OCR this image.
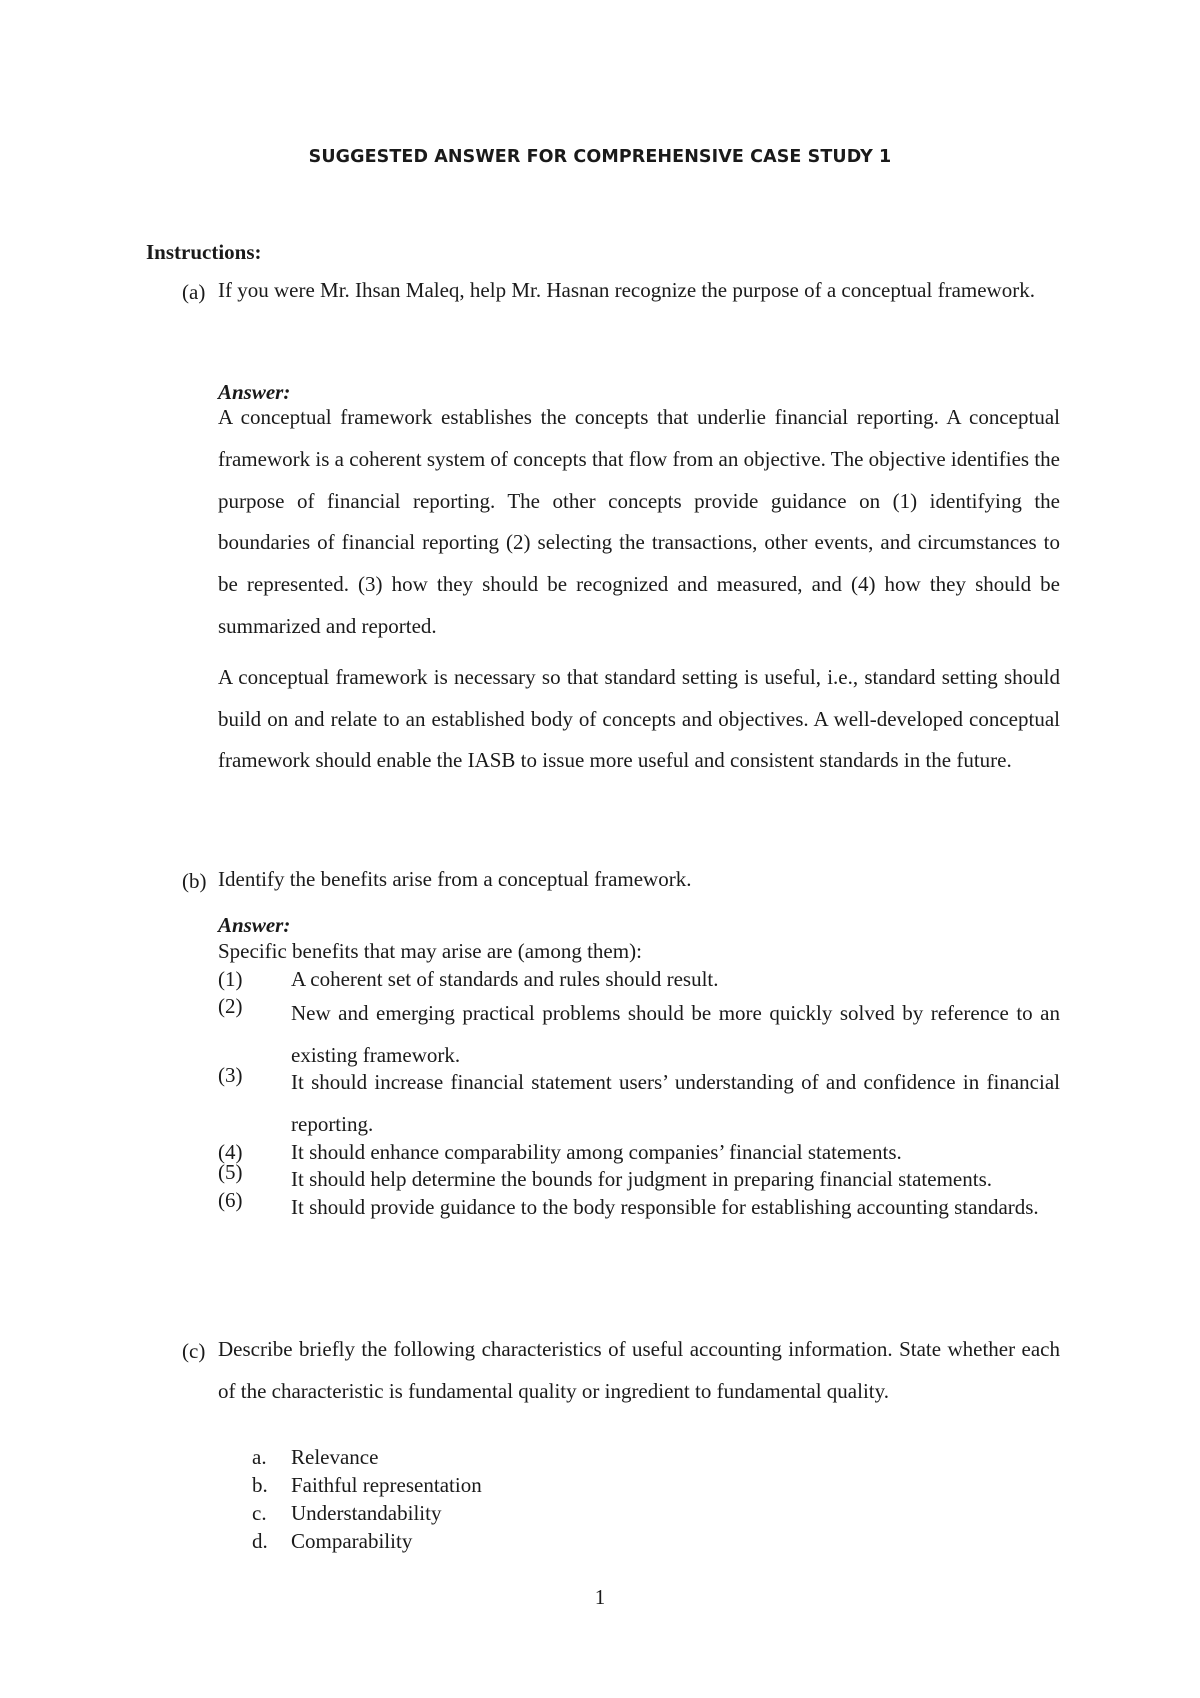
SUGGESTED ANSWER FOR COMPREHENSIVE CASE STUDY 1
Instructions:
(a) If you were Mr. Ihsan Maleq, help Mr. Hasnan recognize the purpose of a conceptual framework.
Answer:
A conceptual framework establishes the concepts that underlie financial reporting. A conceptual framework is a coherent system of concepts that flow from an objective. The objective identifies the purpose of financial reporting. The other concepts provide guidance on (1) identifying the boundaries of financial reporting (2) selecting the transactions, other events, and circumstances to be represented. (3) how they should be recognized and measured, and (4) how they should be summarized and reported.
A conceptual framework is necessary so that standard setting is useful, i.e., standard setting should build on and relate to an established body of concepts and objectives. A well-developed conceptual framework should enable the IASB to issue more useful and consistent standards in the future.
(b) Identify the benefits arise from a conceptual framework.
Answer:
Specific benefits that may arise are (among them):
(1) A coherent set of standards and rules should result.
(2) New and emerging practical problems should be more quickly solved by reference to an existing framework.
(3) It should increase financial statement users’ understanding of and confidence in financial reporting.
(4) It should enhance comparability among companies’ financial statements.
(5) It should help determine the bounds for judgment in preparing financial statements.
(6) It should provide guidance to the body responsible for establishing accounting standards.
(c) Describe briefly the following characteristics of useful accounting information. State whether each of the characteristic is fundamental quality or ingredient to fundamental quality.
a. Relevance
b. Faithful representation
c. Understandability
d. Comparability
1
